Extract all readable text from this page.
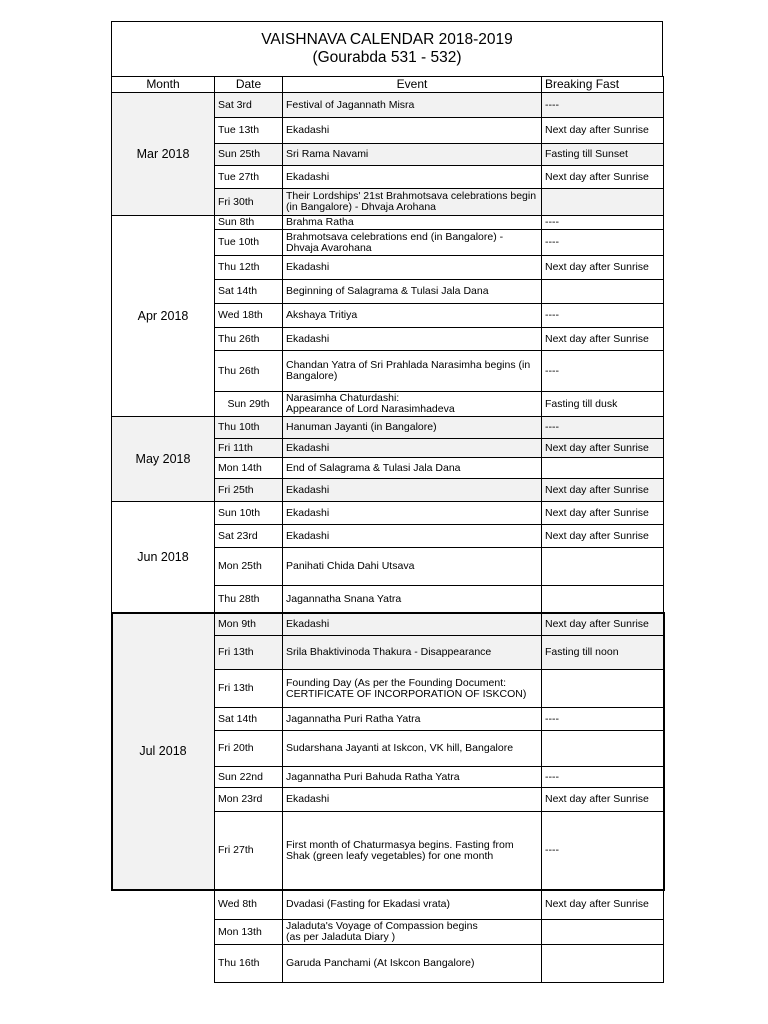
VAISHNAVA CALENDAR 2018-2019
(Gourabda 531 - 532)
Month	Date	Event	Breaking Fast
Mar 2018	Sat 3rd	Festival of Jagannath Misra	----
	Tue 13th	Ekadashi	Next day after Sunrise
	Sun 25th	Sri Rama Navami	Fasting till Sunset
	Tue 27th	Ekadashi	Next day after Sunrise
	Fri 30th	Their Lordships' 21st Brahmotsava celebrations begin (in Bangalore) - Dhvaja Arohana	
Apr 2018	Sun 8th	Brahma Ratha	----
	Tue 10th	Brahmotsava celebrations end (in Bangalore) - Dhvaja Avarohana	----
	Thu 12th	Ekadashi	Next day after Sunrise
	Sat 14th	Beginning of Salagrama & Tulasi Jala Dana	
	Wed 18th	Akshaya Tritiya	----
	Thu 26th	Ekadashi	Next day after Sunrise
	Thu 26th	Chandan Yatra of Sri Prahlada Narasimha begins (in Bangalore)	----
	Sun 29th	Narasimha Chaturdashi:
Appearance of Lord Narasimhadeva	Fasting till dusk
May 2018	Thu 10th	Hanuman Jayanti (in Bangalore)	----
	Fri 11th	Ekadashi	Next day after Sunrise
	Mon 14th	End of Salagrama & Tulasi Jala Dana	
	Fri 25th	Ekadashi	Next day after Sunrise
Jun 2018	Sun 10th	Ekadashi	Next day after Sunrise
	Sat 23rd	Ekadashi	Next day after Sunrise
	Mon 25th	Panihati Chida Dahi Utsava	
	Thu 28th	Jagannatha Snana Yatra	
Jul 2018	Mon 9th	Ekadashi	Next day after Sunrise
	Fri 13th	Srila Bhaktivinoda Thakura - Disappearance	Fasting till noon
	Fri 13th	Founding Day (As per the Founding Document: CERTIFICATE OF INCORPORATION OF ISKCON)	
	Sat 14th	Jagannatha Puri Ratha Yatra	----
	Fri 20th	Sudarshana Jayanti at Iskcon, VK hill, Bangalore	
	Sun 22nd	Jagannatha Puri Bahuda Ratha Yatra	----
	Mon 23rd	Ekadashi	Next day after Sunrise
	Fri 27th	First month of Chaturmasya begins. Fasting from Shak (green leafy vegetables) for one month	----
	Wed 8th	Dvadasi (Fasting for Ekadasi vrata)	Next day after Sunrise
	Mon 13th	Jaladuta's Voyage of Compassion begins
(as per Jaladuta Diary )	
	Thu 16th	Garuda Panchami (At Iskcon Bangalore)	
